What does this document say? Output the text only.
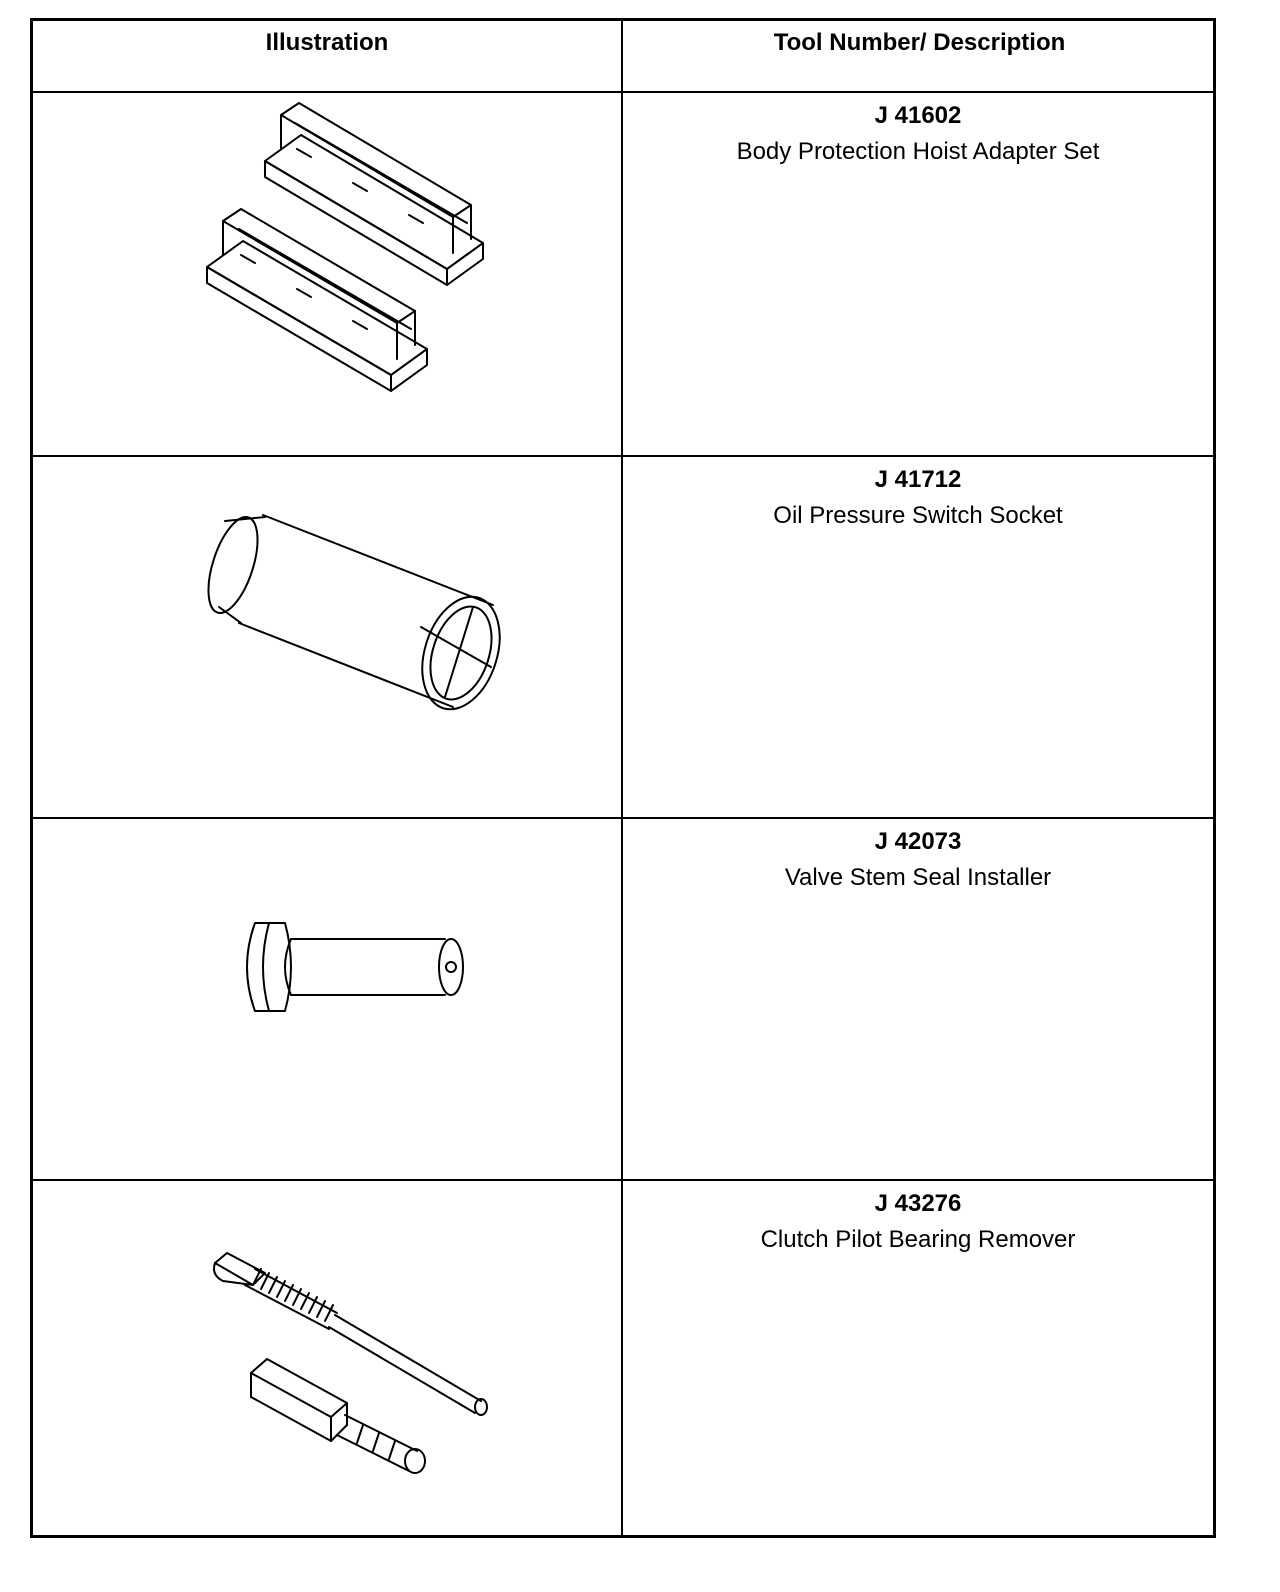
Illustration	Tool Number/ Description
J 41602
Body Protection Hoist Adapter Set
J 41712
Oil Pressure Switch Socket
J 42073
Valve Stem Seal Installer
J 43276
Clutch Pilot Bearing Remover
